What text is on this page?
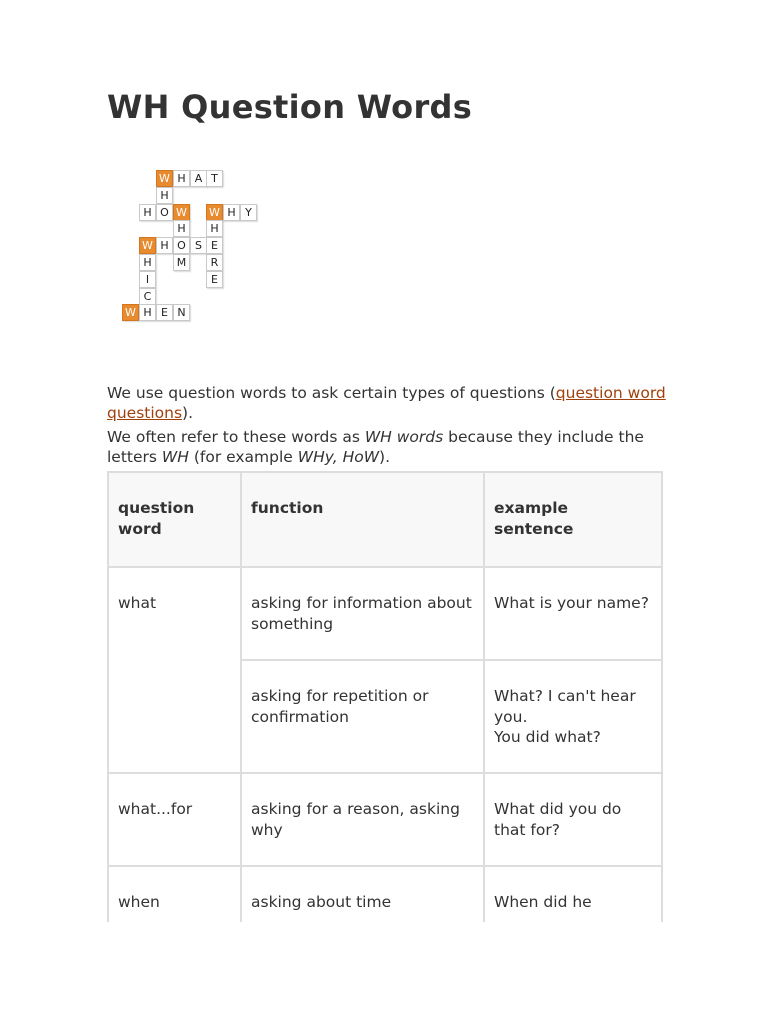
WH Question Words
W H A T
H
H O W W H Y
H	H
W H O S E
H	M	R
I	E
C
W H E N

We use question words to ask certain types of questions (question word questions).

We often refer to these words as WH words because they include the letters WH (for example WHy, HoW).

question word	function	example sentence
what	asking for information about something	What is your name?
	asking for repetition or confirmation	What? I can't hear you.
You did what?
what...for	asking for a reason, asking why	What did you do that for?
when	asking about time	When did he
